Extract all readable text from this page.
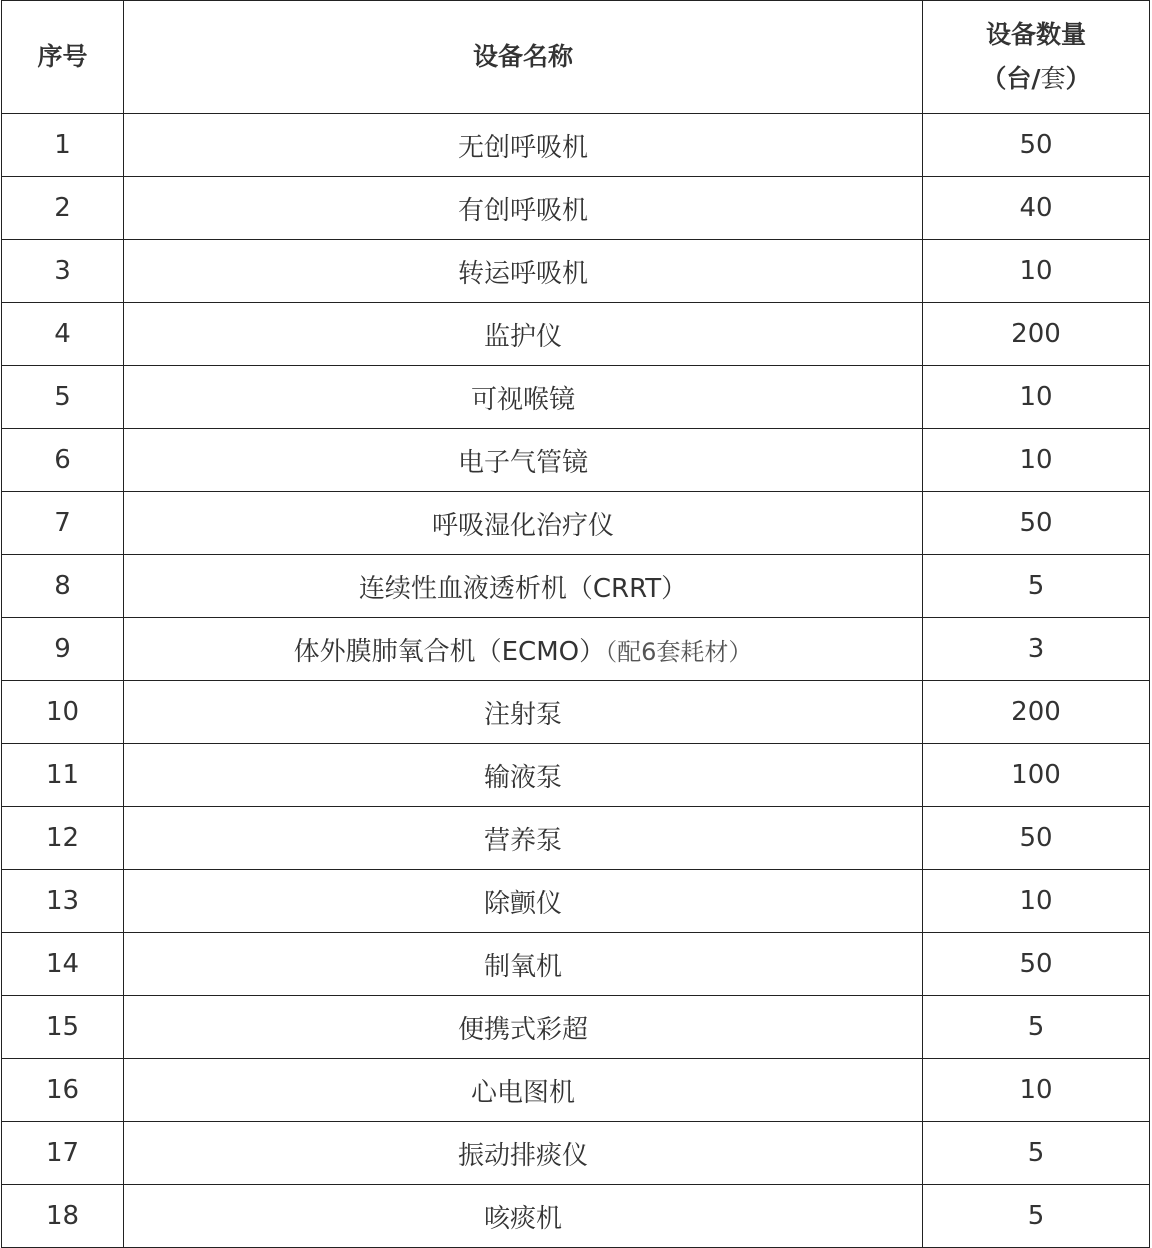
序号	设备名称	设备数量
（台/套）

1	无创呼吸机	50
2	有创呼吸机	40
3	转运呼吸机	10
4	监护仪	200
5	可视喉镜	10
6	电子气管镜	10
7	呼吸湿化治疗仪	50
8	连续性血液透析机（CRRT）	5
9	体外膜肺氧合机（ECMO）（配6套耗材）	3
10	注射泵	200
11	输液泵	100
12	营养泵	50
13	除颤仪	10
14	制氧机	50
15	便携式彩超	5
16	心电图机	10
17	振动排痰仪	5
18	咳痰机	5
